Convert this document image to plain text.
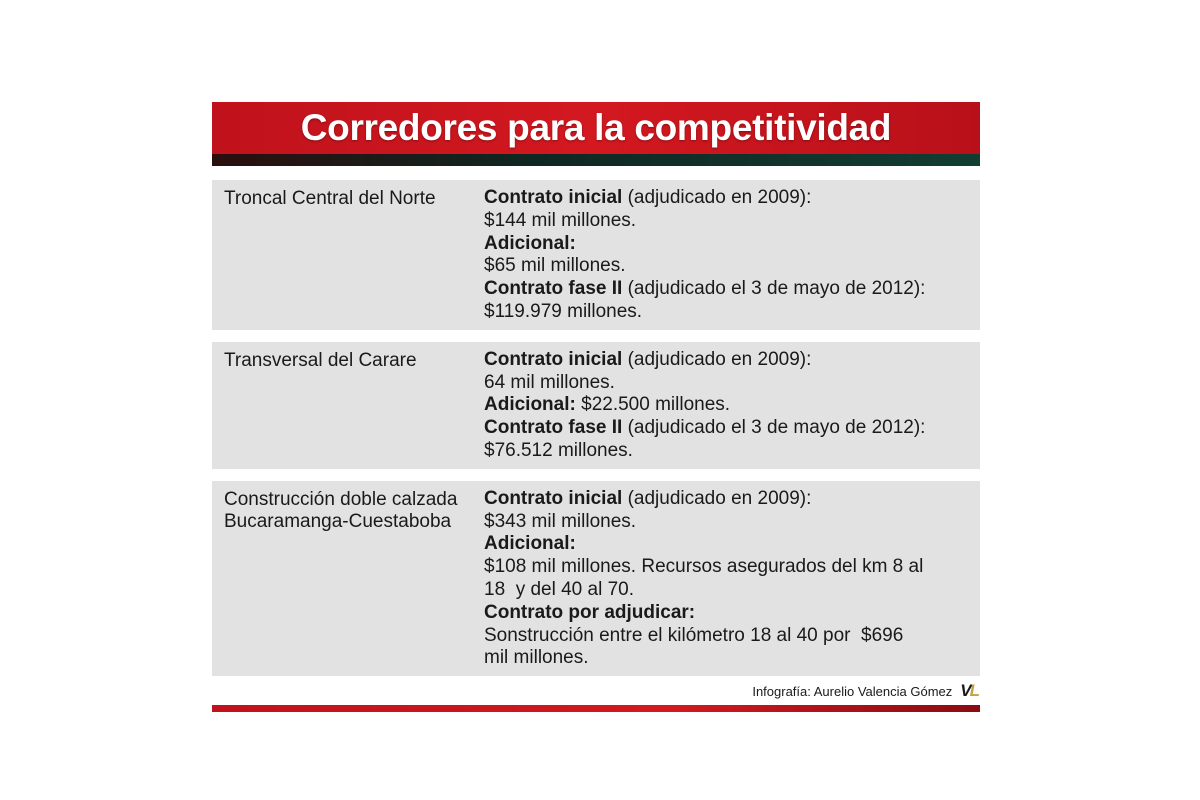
Corredores para la competitividad
Troncal Central del Norte	Contrato inicial (adjudicado en 2009):
$144 mil millones.
Adicional:
$65 mil millones.
Contrato fase II (adjudicado el 3 de mayo de 2012):
$119.979 millones.
Transversal del Carare	Contrato inicial (adjudicado en 2009):
64 mil millones.
Adicional: $22.500 millones.
Contrato fase II (adjudicado el 3 de mayo de 2012):
$76.512 millones.
Construcción doble calzada
Bucaramanga-Cuestaboba
Contrato inicial (adjudicado en 2009):
$343 mil millones.
Adicional:
$108 mil millones. Recursos asegurados del km 8 al
18  y del 40 al 70.
Contrato por adjudicar:
Sonstrucción entre el kilómetro 18 al 40 por  $696
mil millones.
Infografía: Aurelio Valencia Gómez VL
